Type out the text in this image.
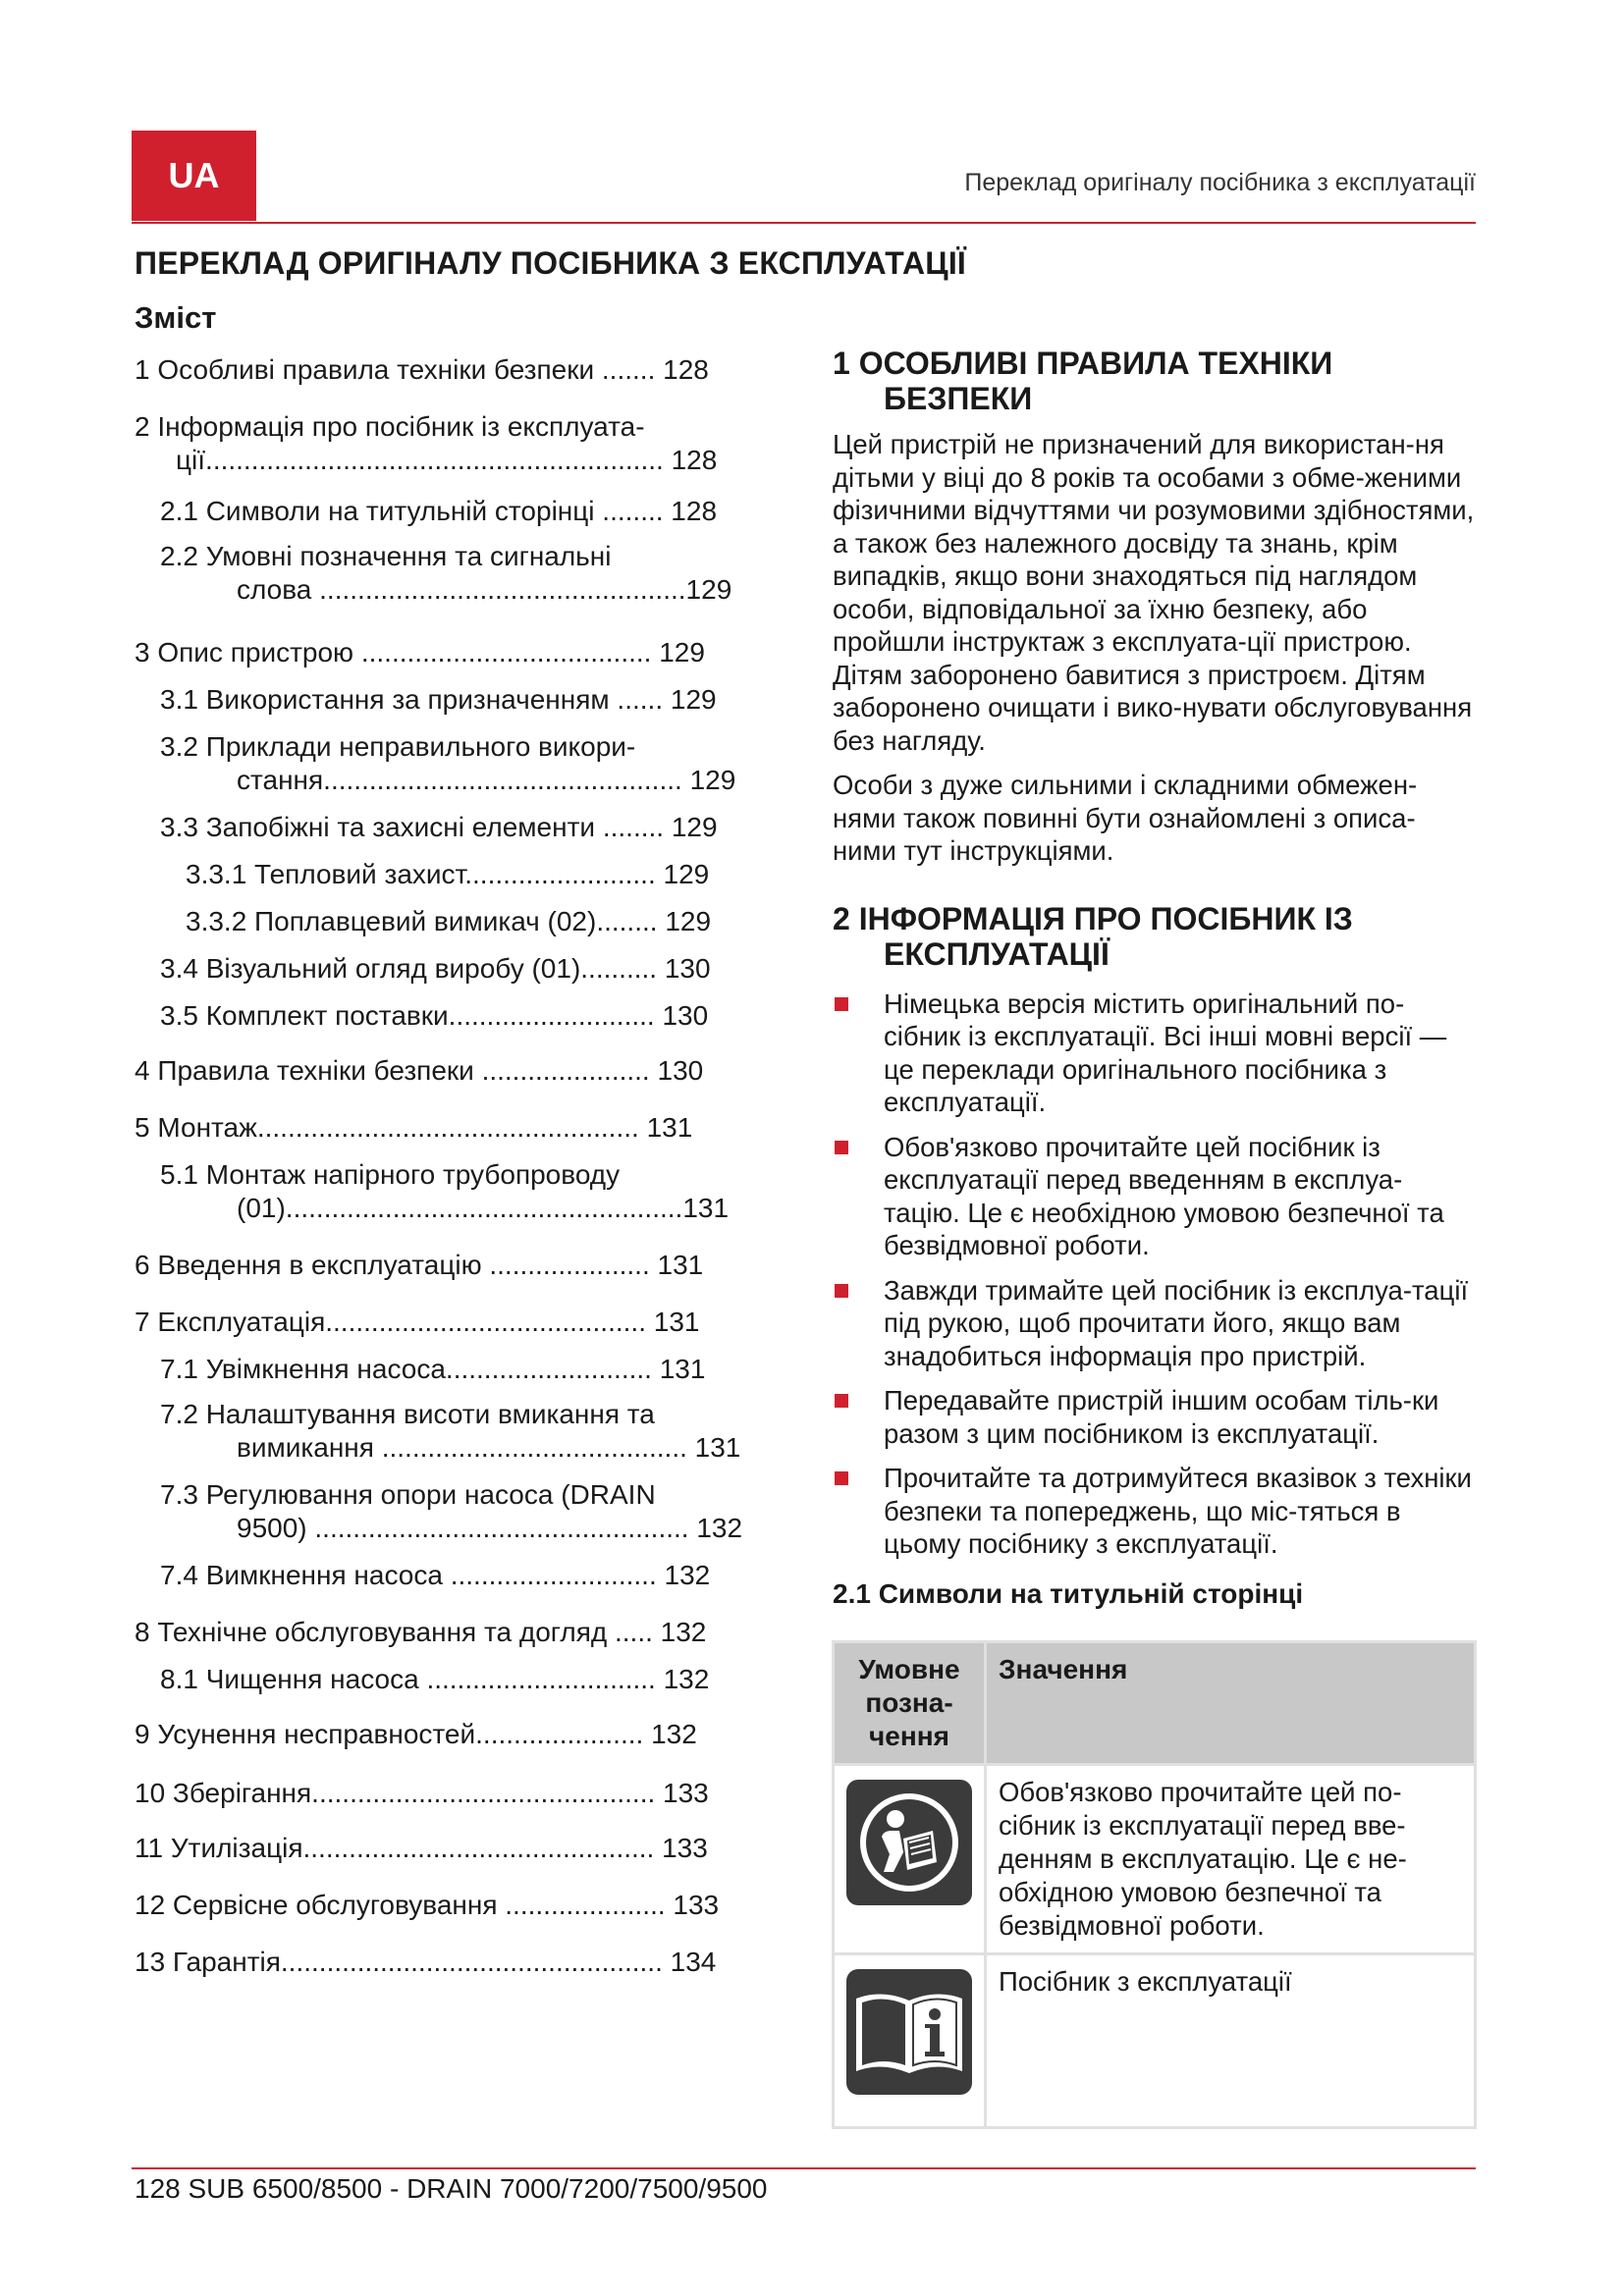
UA	Переклад оригіналу посібника з експлуатації
ПЕРЕКЛАД ОРИГІНАЛУ ПОСІБНИКА З ЕКСПЛУАТАЦІЇ
Зміст
1 Особливі правила техніки безпеки ....... 128
2 Інформація про посібник із експлуата-
ції............................................................ 128
2.1 Символи на титульній сторінці ........ 128
2.2 Умовні позначення та сигнальні
слова ................................................129
3 Опис пристрою ...................................... 129
3.1 Використання за призначенням ...... 129
3.2 Приклади неправильного викори-
стання............................................... 129
3.3 Запобіжні та захисні елементи ........ 129
3.3.1 Тепловий захист......................... 129
3.3.2 Поплавцевий вимикач (02)........ 129
3.4 Візуальний огляд виробу (01).......... 130
3.5 Комплект поставки........................... 130
4 Правила техніки безпеки ...................... 130
5 Монтаж.................................................. 131
5.1 Монтаж напірного трубопроводу
(01)....................................................131
6 Введення в експлуатацію ..................... 131
7 Експлуатація.......................................... 131
7.1 Увімкнення насоса........................... 131
7.2 Налаштування висоти вмикання та
вимикання ........................................ 131
7.3 Регулювання опори насоса (DRAIN
9500) ................................................. 132
7.4 Вимкнення насоса ........................... 132
8 Технічне обслуговування та догляд ..... 132
8.1 Чищення насоса .............................. 132
9 Усунення несправностей...................... 132
10 Зберігання............................................. 133
11 Утилізація.............................................. 133
12 Сервісне обслуговування ..................... 133
13 Гарантія.................................................. 134
1 ОСОБЛИВІ ПРАВИЛА ТЕХНІКИ БЕЗПЕКИ

Цей пристрій не призначений для використан-ня дітьми у віці до 8 років та особами з обме-женими фізичними відчуттями чи розумовими здібностями, а також без належного досвіду та знань, крім випадків, якщо вони знаходяться під наглядом особи, відповідальної за їхню безпеку, або пройшли інструктаж з експлуата-ції пристрою. Дітям заборонено бавитися з пристроєм. Дітям заборонено очищати і вико-нувати обслуговування без нагляду.

Особи з дуже сильними і складними обмежен-нями також повинні бути ознайомлені з описа-ними тут інструкціями.

2 ІНФОРМАЦІЯ ПРО ПОСІБНИК ІЗ ЕКСПЛУАТАЦІЇ
Німецька версія містить оригінальний по-сібник із експлуатації. Всі інші мовні версії — це переклади оригінального посібника з експлуатації.
Обов'язково прочитайте цей посібник із експлуатації перед введенням в експлуа-тацію. Це є необхідною умовою безпечної та безвідмовної роботи.
Завжди тримайте цей посібник із експлуа-тації під рукою, щоб прочитати його, якщо вам знадобиться інформація про пристрій.
Передавайте пристрій іншим особам тіль-ки разом з цим посібником із експлуатації.
Прочитайте та дотримуйтеся вказівок з техніки безпеки та попереджень, що міс-тяться в цьому посібнику з експлуатації.
2.1 Символи на титульній сторінці
Умовне позна-чення	Значення
	Обов'язково прочитайте цей по-сібник із експлуатації перед вве-денням в експлуатацію. Це є не-обхідною умовою безпечної та безвідмовної роботи.
	Посібник з експлуатації
128 SUB 6500/8500 - DRAIN 7000/7200/7500/9500
